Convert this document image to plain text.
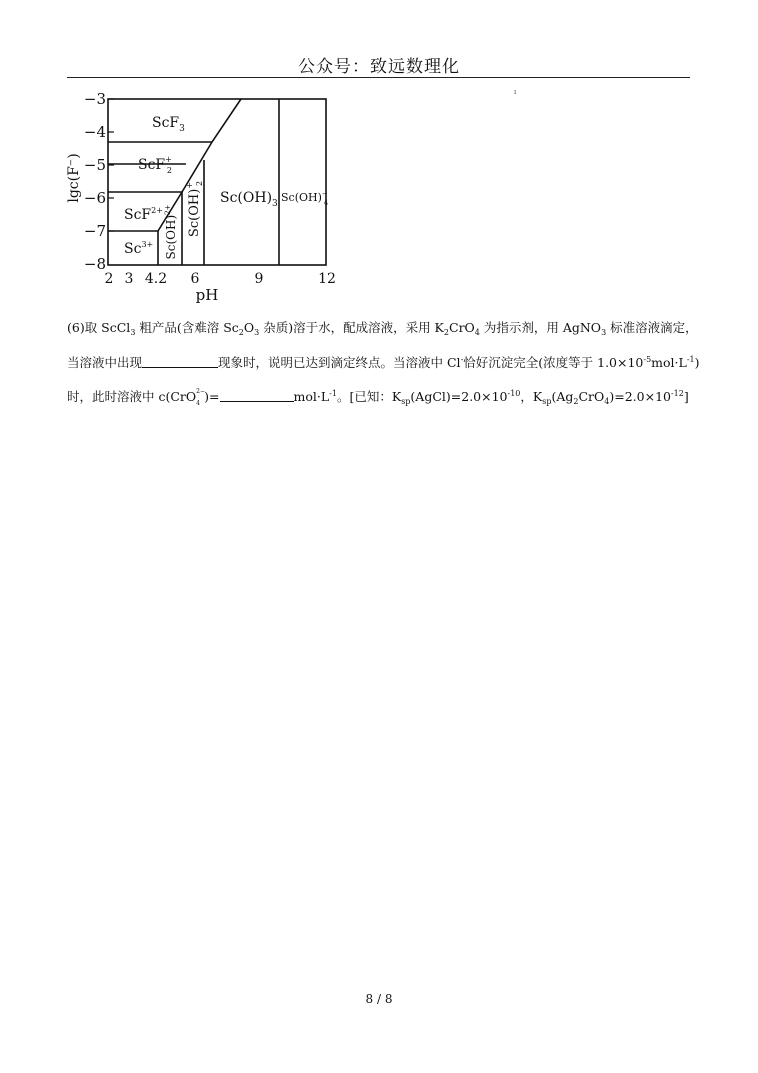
公众号：致远数理化
ı
−3
−4
−5
−6
−7
−8
2 3 4.2 6	9	12
pH
lgc(F⁻)
ScF$_3$
ScF+ 2
ScF$^{2+}$
$Sc^{3+}$ Sc(OH)$^{2+}$	Sc(OH)+2
$Sc(OH)_3$ Sc(OH)− 4
(6)取 ScCl$_3$ 粗产品(含难溶 $Sc_2O_3$ 杂质)溶于水，配成溶液，采用 $K_2CrO_4$ 为指示剂，用 AgNO$_3$ 标准溶液滴定，
当溶液中出现	现象时，说明已达到滴定终点。当溶液中 Cl-恰好沉淀完全(浓度等于 $1.0\times 10^{-5}mol\cdot L^{-1}$)
时，此时溶液中 c(CrO 2−
4 )=	$mol\cdot L^{-1}$。[已知：$K_{sp}(AgCl)=2.0\times 10^{-10}$，$K_{sp}(Ag_2CrO_4)=2.0\times 10^{-12}$]
8 / 8
